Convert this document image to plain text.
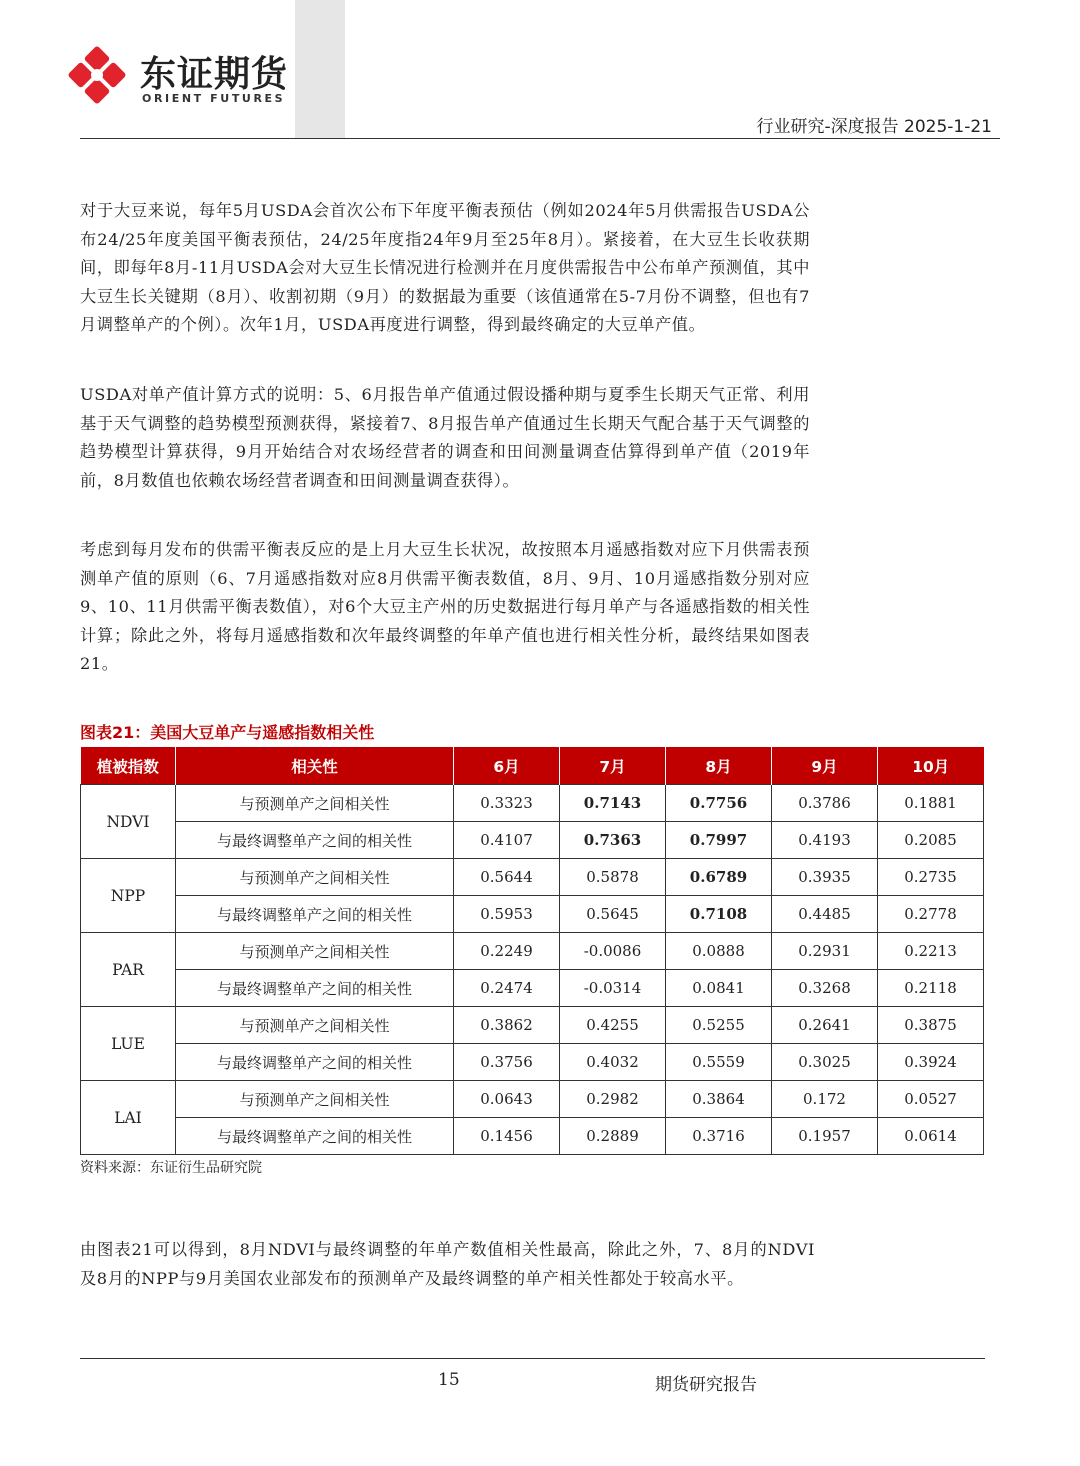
东证期货
ORIENT FUTURES
行业研究-深度报告 2025-1-21

对于大豆来说，每年5月USDA会首次公布下年度平衡表预估（例如2024年5月供需报告USDA公布24/25年度美国平衡表预估，24/25年度指24年9月至25年8月）。紧接着，在大豆生长收获期间，即每年8月-11月USDA会对大豆生长情况进行检测并在月度供需报告中公布单产预测值，其中大豆生长关键期（8月）、收割初期（9月）的数据最为重要（该值通常在5-7月份不调整，但也有7月调整单产的个例）。次年1月，USDA再度进行调整，得到最终确定的大豆单产值。

USDA对单产值计算方式的说明：5、6月报告单产值通过假设播种期与夏季生长期天气正常、利用基于天气调整的趋势模型预测获得，紧接着7、8月报告单产值通过生长期天气配合基于天气调整的趋势模型计算获得，9月开始结合对农场经营者的调查和田间测量调查估算得到单产值（2019年前，8月数值也依赖农场经营者调查和田间测量调查获得）。

考虑到每月发布的供需平衡表反应的是上月大豆生长状况，故按照本月遥感指数对应下月供需表预测单产值的原则（6、7月遥感指数对应8月供需平衡表数值，8月、9月、10月遥感指数分别对应9、10、11月供需平衡表数值），对6个大豆主产州的历史数据进行每月单产与各遥感指数的相关性计算；除此之外，将每月遥感指数和次年最终调整的年单产值也进行相关性分析，最终结果如图表21。

图表21：美国大豆单产与遥感指数相关性
植被指数	相关性	6月	7月	8月	9月	10月
NDVI	与预测单产之间相关性	0.3323	0.7143	0.7756	0.3786	0.1881
	与最终调整单产之间的相关性	0.4107	0.7363	0.7997	0.4193	0.2085
NPP	与预测单产之间相关性	0.5644	0.5878	0.6789	0.3935	0.2735
	与最终调整单产之间的相关性	0.5953	0.5645	0.7108	0.4485	0.2778
PAR	与预测单产之间相关性	0.2249	-0.0086	0.0888	0.2931	0.2213
	与最终调整单产之间的相关性	0.2474	-0.0314	0.0841	0.3268	0.2118
LUE	与预测单产之间相关性	0.3862	0.4255	0.5255	0.2641	0.3875
	与最终调整单产之间的相关性	0.3756	0.4032	0.5559	0.3025	0.3924
LAI	与预测单产之间相关性	0.0643	0.2982	0.3864	0.172	0.0527
	与最终调整单产之间的相关性	0.1456	0.2889	0.3716	0.1957	0.0614
资料来源：东证衍生品研究院

由图表21可以得到，8月NDVI与最终调整的年单产数值相关性最高，除此之外，7、8月的NDVI及8月的NPP与9月美国农业部发布的预测单产及最终调整的单产相关性都处于较高水平。

15	期货研究报告
